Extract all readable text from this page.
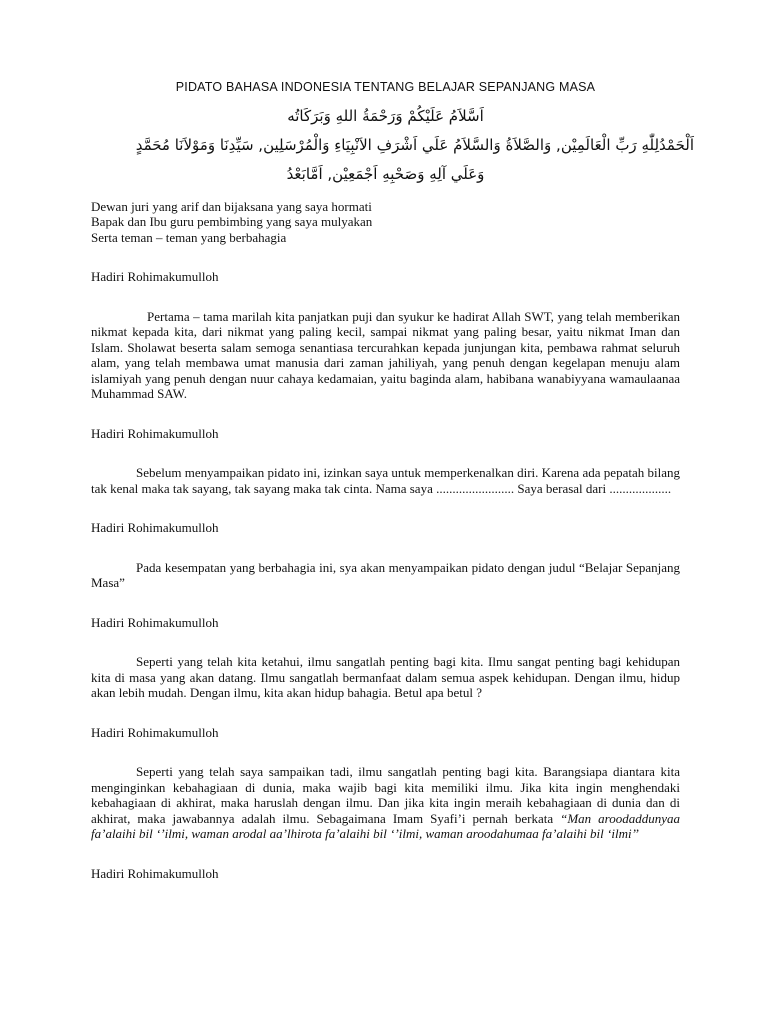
PIDATO BAHASA INDONESIA TENTANG BELAJAR SEPANJANG MASA

اَسَّلاَمُ عَلَيْكُمْ وَرَحْمَةُ اللهِ وَبَرَكَاتُه

اَلْحَمْدُلِلّٰهِ رَبِّ الْعَالَمِيْن, وَالصَّلاَةُ وَالسَّلاَمُ عَلَي اَشْرَفِ الاَنْبِيَاءِ وَالْمُرْسَلِين, سَيِّدِنَا وَمَوْلاَنَا مُحَمَّدٍ

وَعَلَي آلِهِ وَصَحْبِهِ اَجْمَعِيْن, اَمَّابَعْدُ

Dewan juri yang arif dan bijaksana yang saya hormati

Bapak dan Ibu guru pembimbing yang saya mulyakan

Serta teman – teman yang berbahagia

Hadiri Rohimakumulloh

Pertama – tama marilah kita panjatkan puji dan syukur ke hadirat Allah SWT, yang telah memberikan nikmat kepada kita, dari nikmat yang paling kecil, sampai nikmat yang paling besar, yaitu nikmat Iman dan Islam. Sholawat beserta salam semoga senantiasa tercurahkan kepada junjungan kita, pembawa rahmat seluruh alam, yang telah membawa umat manusia dari zaman jahiliyah, yang penuh dengan kegelapan menuju alam islamiyah yang penuh dengan nuur cahaya kedamaian, yaitu baginda alam, habibana wanabiyyana wamaulaanaa Muhammad SAW.

Hadiri Rohimakumulloh

Sebelum menyampaikan pidato ini, izinkan saya untuk memperkenalkan diri. Karena ada pepatah bilang tak kenal maka tak sayang, tak sayang maka tak cinta. Nama saya ........................ Saya berasal dari ...................

Hadiri Rohimakumulloh

Pada kesempatan yang berbahagia ini, sya akan menyampaikan pidato dengan judul “Belajar Sepanjang Masa”

Hadiri Rohimakumulloh

Seperti yang telah kita ketahui, ilmu sangatlah penting bagi kita. Ilmu sangat penting bagi kehidupan kita di masa yang akan datang. Ilmu sangatlah bermanfaat dalam semua aspek kehidupan. Dengan ilmu, hidup akan lebih mudah. Dengan ilmu, kita akan hidup bahagia. Betul apa betul ?

Hadiri Rohimakumulloh

Seperti yang telah saya sampaikan tadi, ilmu sangatlah penting bagi kita. Barangsiapa diantara kita menginginkan kebahagiaan di dunia, maka wajib bagi kita memiliki ilmu. Jika kita ingin menghendaki kebahagiaan di akhirat, maka haruslah dengan ilmu. Dan jika kita ingin meraih kebahagiaan di dunia dan di akhirat, maka jawabannya adalah ilmu. Sebagaimana Imam Syafi’i pernah berkata “Man aroodaddunyaa fa’alaihi bil ‘’ilmi, waman arodal aa’lhirota fa’alaihi bil ‘’ilmi, waman aroodahumaa fa’alaihi bil ‘ilmi’’

Hadiri Rohimakumulloh
